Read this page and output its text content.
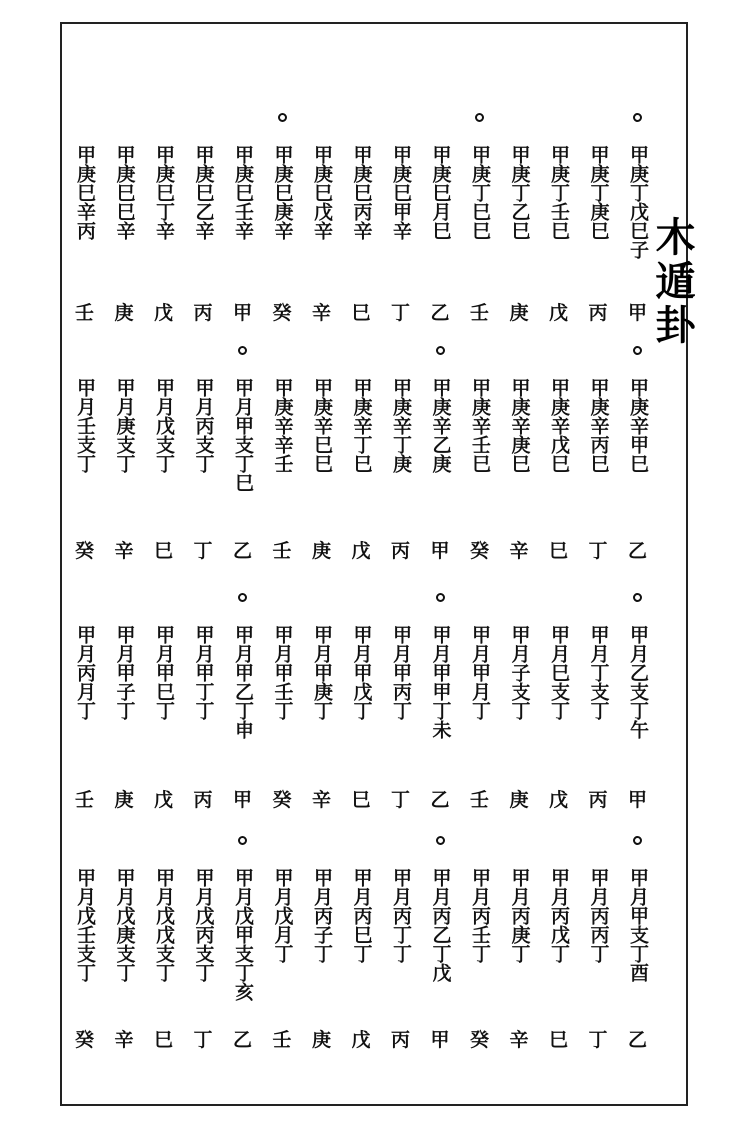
木遁卦
甲庚丁戊巳子
甲
甲庚丁庚巳
丙
甲庚丁壬巳
戊
甲庚丁乙巳
庚
甲庚丁巳巳
壬
甲庚巳月巳
乙
甲庚巳甲辛
丁
甲庚巳丙辛
巳
甲庚巳戊辛
辛
甲庚巳庚辛
癸
甲庚巳壬辛
甲
甲庚巳乙辛
丙
甲庚巳丁辛
戊
甲庚巳巳辛
庚
甲庚巳辛丙
壬
甲庚辛甲巳
乙
甲庚辛丙巳
丁
甲庚辛戊巳
巳
甲庚辛庚巳
辛
甲庚辛壬巳
癸
甲庚辛乙庚
甲
甲庚辛丁庚
丙
甲庚辛丁巳
戊
甲庚辛巳巳
庚
甲庚辛辛壬
壬
甲月甲支丁巳
乙
甲月丙支丁
丁
甲月戊支丁
巳
甲月庚支丁
辛
甲月壬支丁
癸
甲月乙支丁午
甲
甲月丁支丁
丙
甲月巳支丁
戊
甲月子支丁
庚
甲月甲月丁
壬
甲月甲甲丁未
乙
甲月甲丙丁
丁
甲月甲戊丁
巳
甲月甲庚丁
辛
甲月甲壬丁
癸
甲月甲乙丁申
甲
甲月甲丁丁
丙
甲月甲巳丁
戊
甲月甲子丁
庚
甲月丙月丁
壬
甲月甲支丁酉
乙
甲月丙丙丁
丁
甲月丙戊丁
巳
甲月丙庚丁
辛
甲月丙壬丁
癸
甲月丙乙丁戊
甲
甲月丙丁丁
丙
甲月丙巳丁
戊
甲月丙子丁
庚
甲月戊月丁
壬
甲月戊甲支丁亥
乙
甲月戊丙支丁
丁
甲月戊戊支丁
巳
甲月戊庚支丁
辛
甲月戊壬支丁
癸
